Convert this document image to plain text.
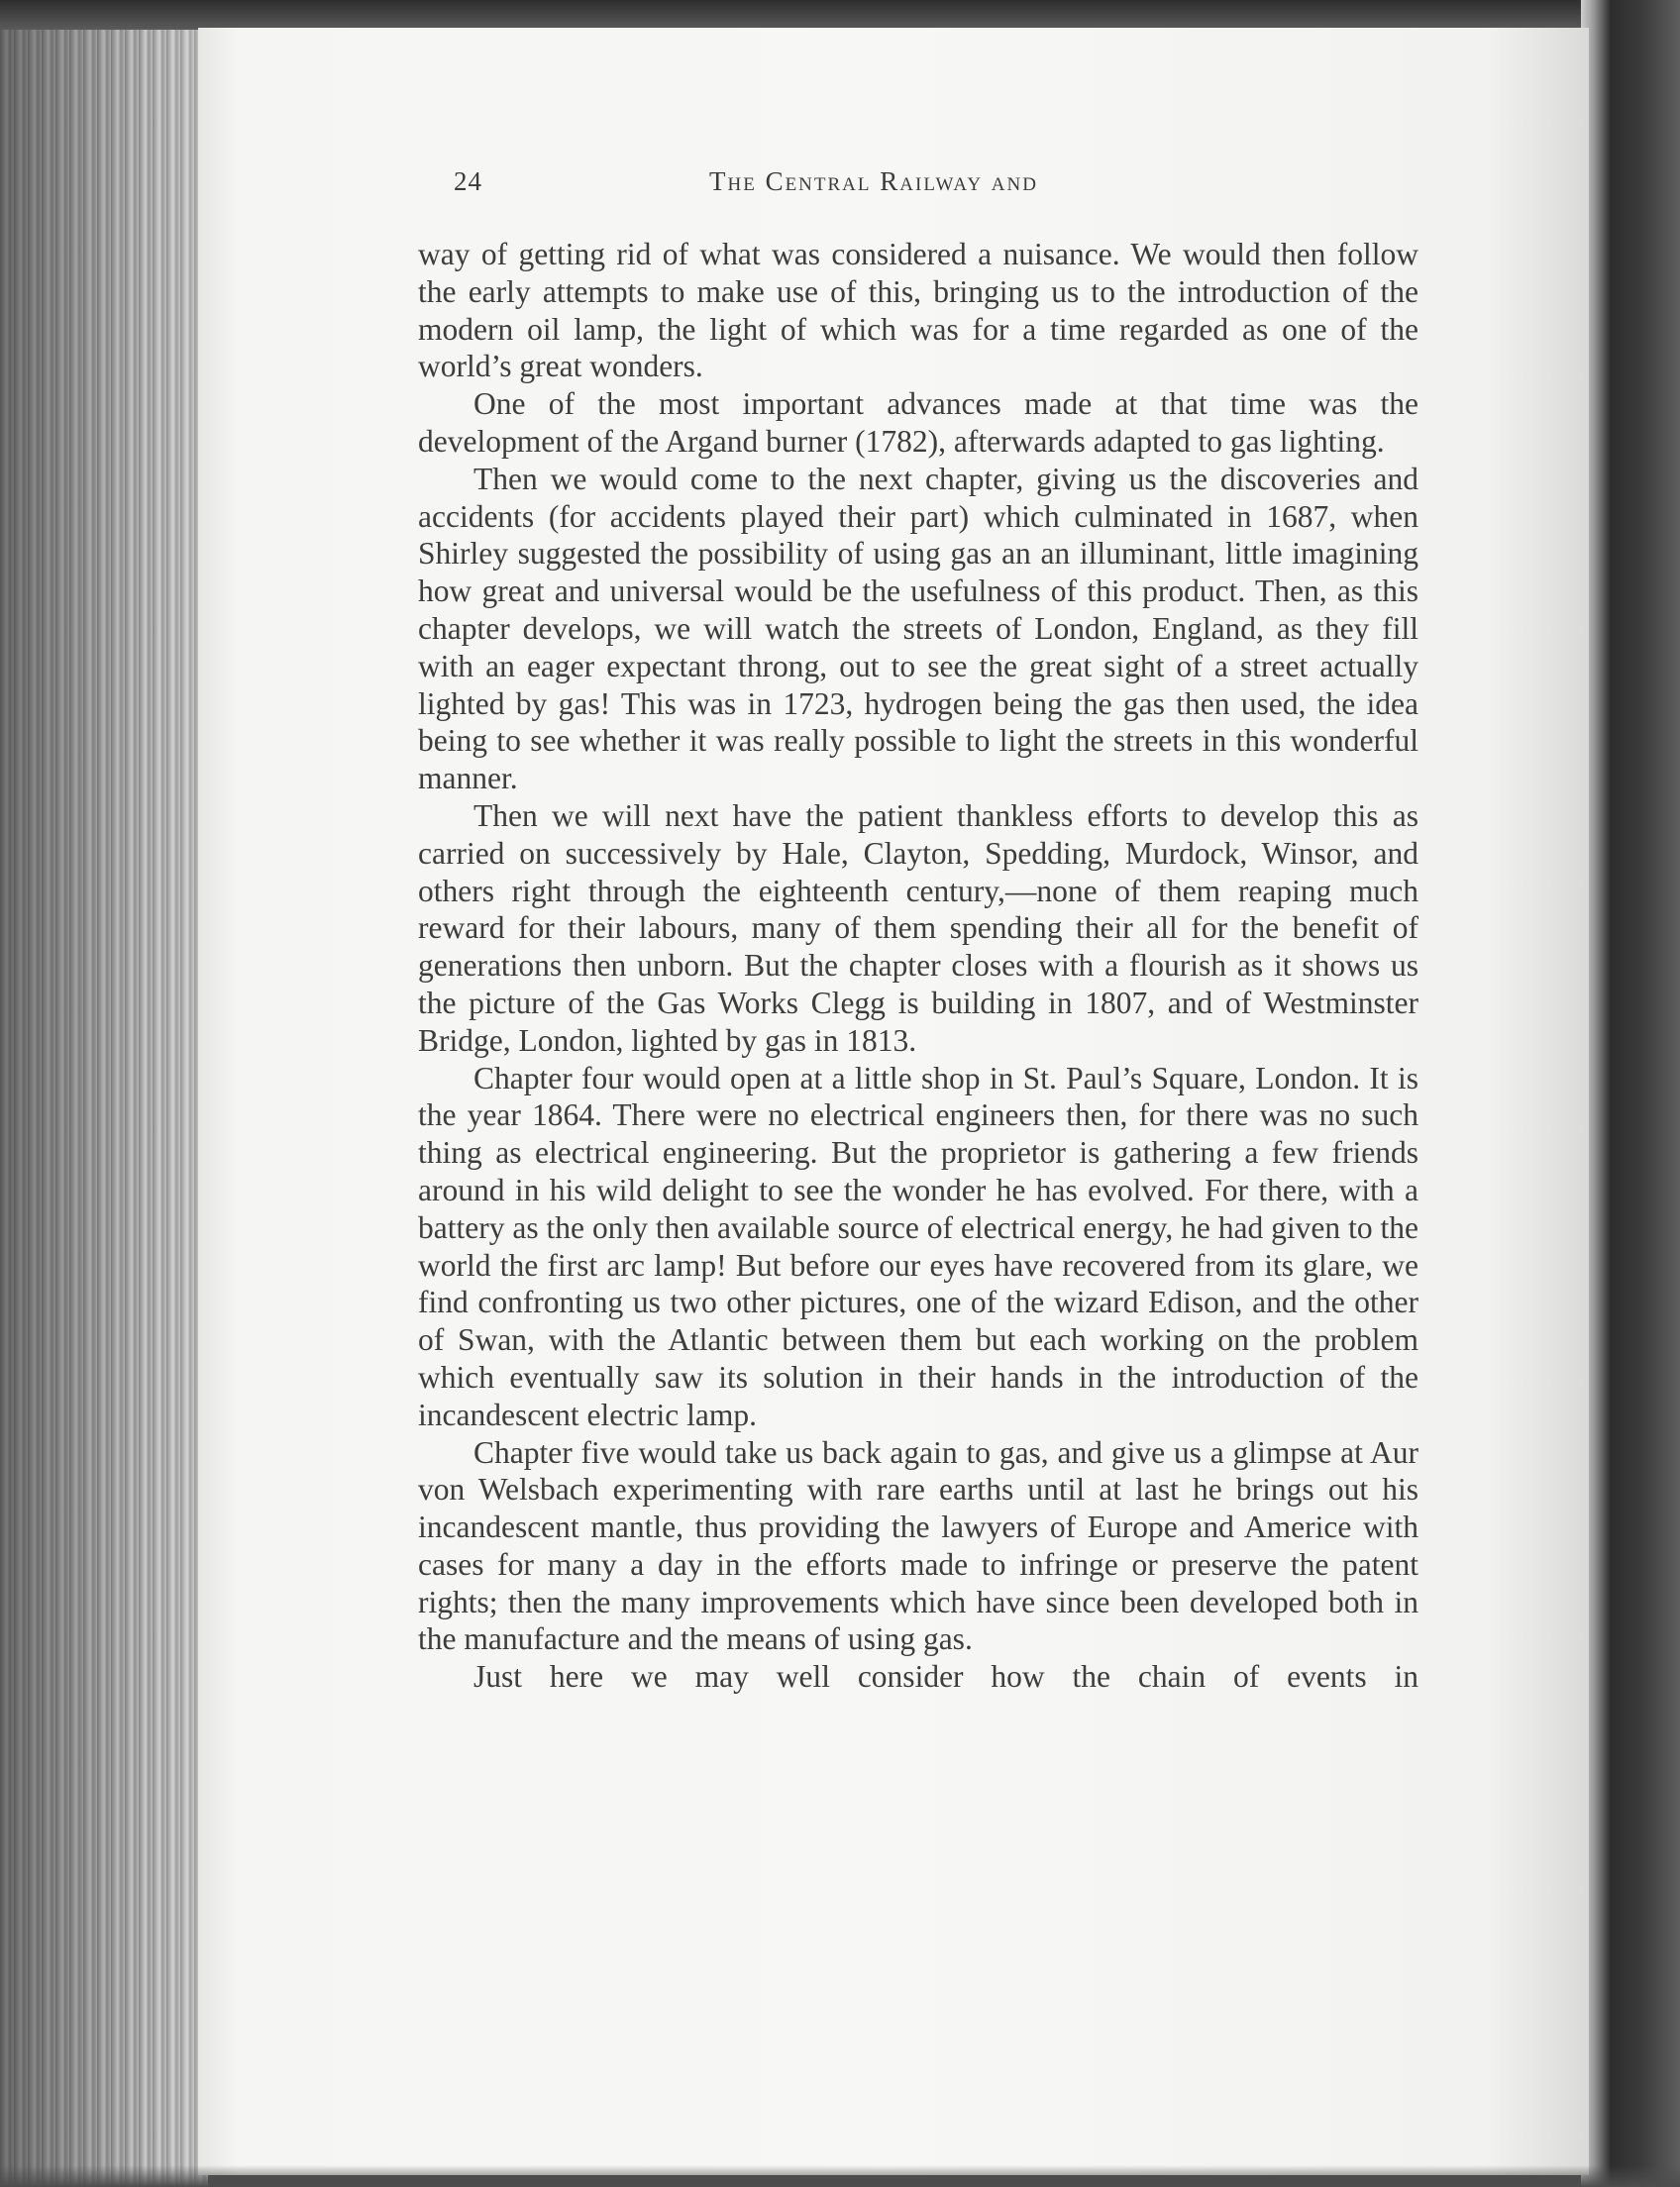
24	The Central Railway and

way of getting rid of what was considered a nuisance. We would then follow the early attempts to make use of this, bringing us to the introduction of the modern oil lamp, the light of which was for a time regarded as one of the world’s great wonders.

One of the most important advances made at that time was the development of the Argand burner (1782), afterwards adapted to gas lighting.

Then we would come to the next chapter, giving us the discoveries and accidents (for accidents played their part) which culminated in 1687, when Shirley suggested the possibility of using gas an an illuminant, little imagining how great and universal would be the usefulness of this product. Then, as this chapter develops, we will watch the streets of London, England, as they fill with an eager expectant throng, out to see the great sight of a street actually lighted by gas! This was in 1723, hydrogen being the gas then used, the idea being to see whether it was really possible to light the streets in this wonderful manner.

Then we will next have the patient thankless efforts to develop this as carried on successively by Hale, Clayton, Spedding, Murdock, Winsor, and others right through the eighteenth century,—none of them reaping much reward for their labours, many of them spending their all for the benefit of generations then unborn. But the chapter closes with a flourish as it shows us the picture of the Gas Works Clegg is building in 1807, and of Westminster Bridge, London, lighted by gas in 1813.

Chapter four would open at a little shop in St. Paul’s Square, London. It is the year 1864. There were no electrical engineers then, for there was no such thing as electrical engineering. But the proprietor is gathering a few friends around in his wild delight to see the wonder he has evolved. For there, with a battery as the only then available source of electrical energy, he had given to the world the first arc lamp! But before our eyes have recovered from its glare, we find confronting us two other pictures, one of the wizard Edison, and the other of Swan, with the Atlantic between them but each working on the problem which eventually saw its solution in their hands in the introduction of the incandescent electric lamp.

Chapter five would take us back again to gas, and give us a glimpse at Aur von Welsbach experimenting with rare earths until at last he brings out his incandescent mantle, thus providing the lawyers of Europe and Americe with cases for many a day in the efforts made to infringe or preserve the patent rights; then the many improvements which have since been developed both in the manufacture and the means of using gas.

Just here we may well consider how the chain of events in
